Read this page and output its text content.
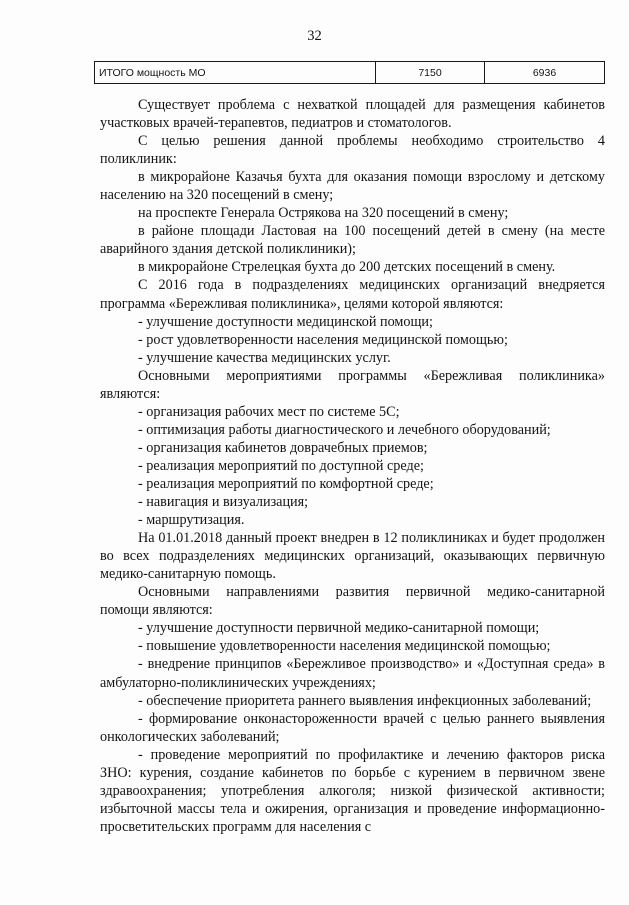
32
ИТОГО мощность МО	7150	6936

Существует проблема с нехваткой площадей для размещения кабинетов участковых врачей-терапевтов, педиатров и стоматологов.

С целью решения данной проблемы необходимо строительство 4 поликлиник:

в микрорайоне Казачья бухта для оказания помощи взрослому и детскому населению на 320 посещений в смену;

на проспекте Генерала Острякова на 320 посещений в смену;

в районе площади Ластовая на 100 посещений детей в смену (на месте аварийного здания детской поликлиники);

в микрорайоне Стрелецкая бухта до 200 детских посещений в смену.

С 2016 года в подразделениях медицинских организаций внедряется программа «Бережливая поликлиника», целями которой являются:

- улучшение доступности медицинской помощи;

- рост удовлетворенности населения медицинской помощью;

- улучшение качества медицинских услуг.

Основными мероприятиями программы «Бережливая поликлиника» являются:

- организация рабочих мест по системе 5С;

- оптимизация работы диагностического и лечебного оборудований;

- организация кабинетов доврачебных приемов;

- реализация мероприятий по доступной среде;

- реализация мероприятий по комфортной среде;

- навигация и визуализация;

- маршрутизация.

На 01.01.2018 данный проект внедрен в 12 поликлиниках и будет продолжен во всех подразделениях медицинских организаций, оказывающих первичную медико-санитарную помощь.

Основными направлениями развития первичной медико-санитарной помощи являются:

- улучшение доступности первичной медико-санитарной помощи;

- повышение удовлетворенности населения медицинской помощью;

- внедрение принципов «Бережливое производство» и «Доступная среда» в амбулаторно-поликлинических учреждениях;

- обеспечение приоритета раннего выявления инфекционных заболеваний;

- формирование онконастороженности врачей с целью раннего выявления онкологических заболеваний;

- проведение мероприятий по профилактике и лечению факторов риска ЗНО: курения, создание кабинетов по борьбе с курением в первичном звене здравоохранения; употребления алкоголя; низкой физической активности; избыточной массы тела и ожирения, организация и проведение информационно-просветительских программ для населения с
